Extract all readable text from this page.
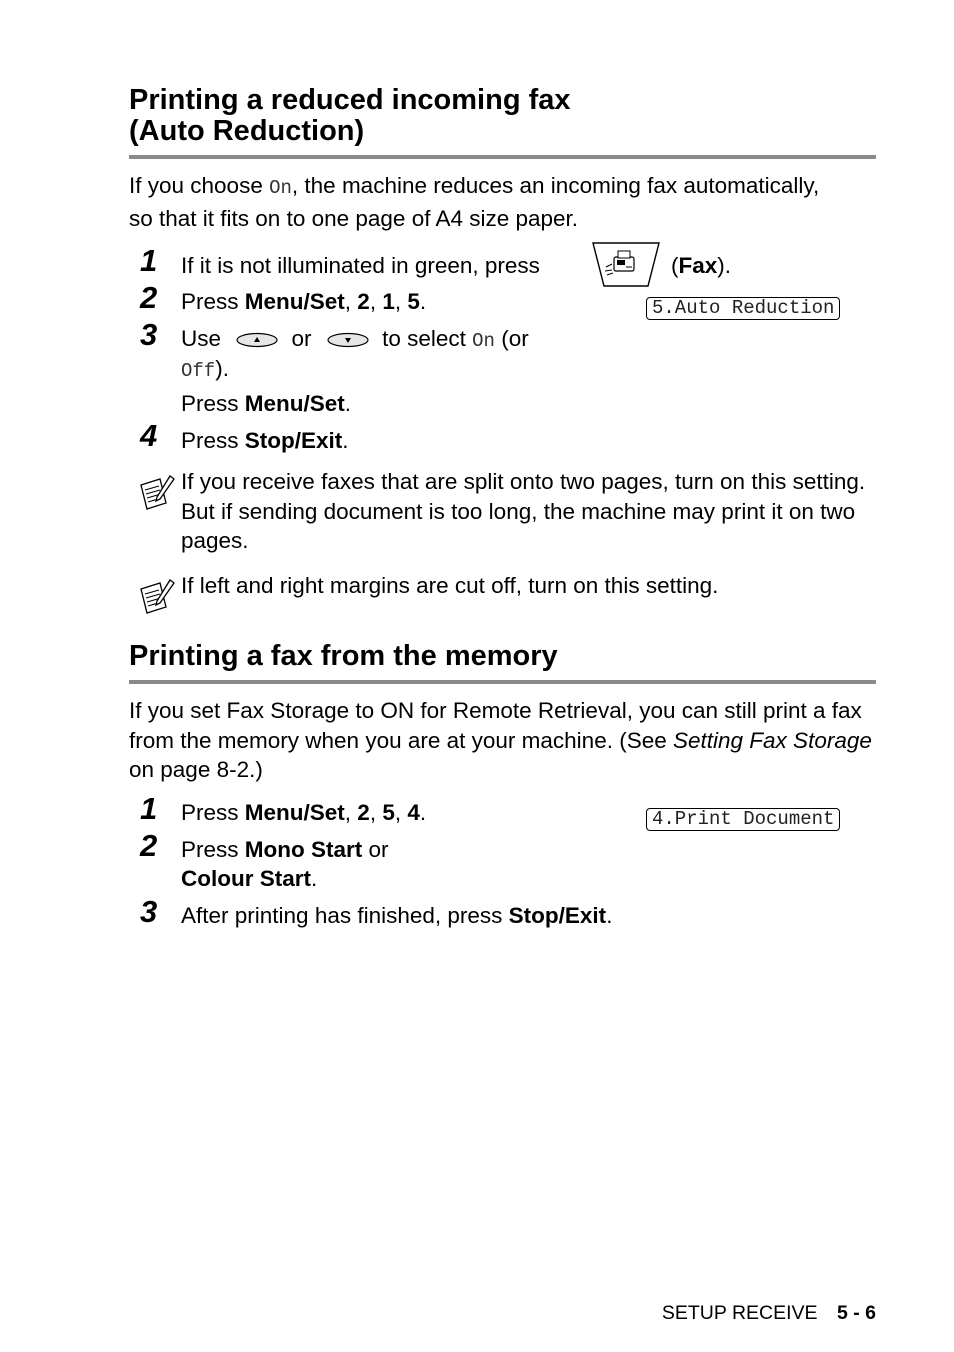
Printing a reduced incoming fax
(Auto Reduction)
If you choose On, the machine reduces an incoming fax automatically, so that it fits on to one page of A4 size paper.
1 If it is not illuminated in green, press	(Fax).
2 Press Menu/Set, 2, 1, 5.	5.Auto Reduction
3 Use	or	to select On (or
Off).
Press Menu/Set.
4 Press Stop/Exit.
If you receive faxes that are split onto two pages, turn on this setting. But if sending document is too long, the machine may print it on two pages.
If left and right margins are cut off, turn on this setting.
Printing a fax from the memory
If you set Fax Storage to ON for Remote Retrieval, you can still print a fax from the memory when you are at your machine. (See Setting Fax Storage on page 8-2.)
1 Press Menu/Set, 2, 5, 4.	4.Print Document
2 Press Mono Start or
Colour Start.
3 After printing has finished, press Stop/Exit.
SETUP RECEIVE 5 - 6
